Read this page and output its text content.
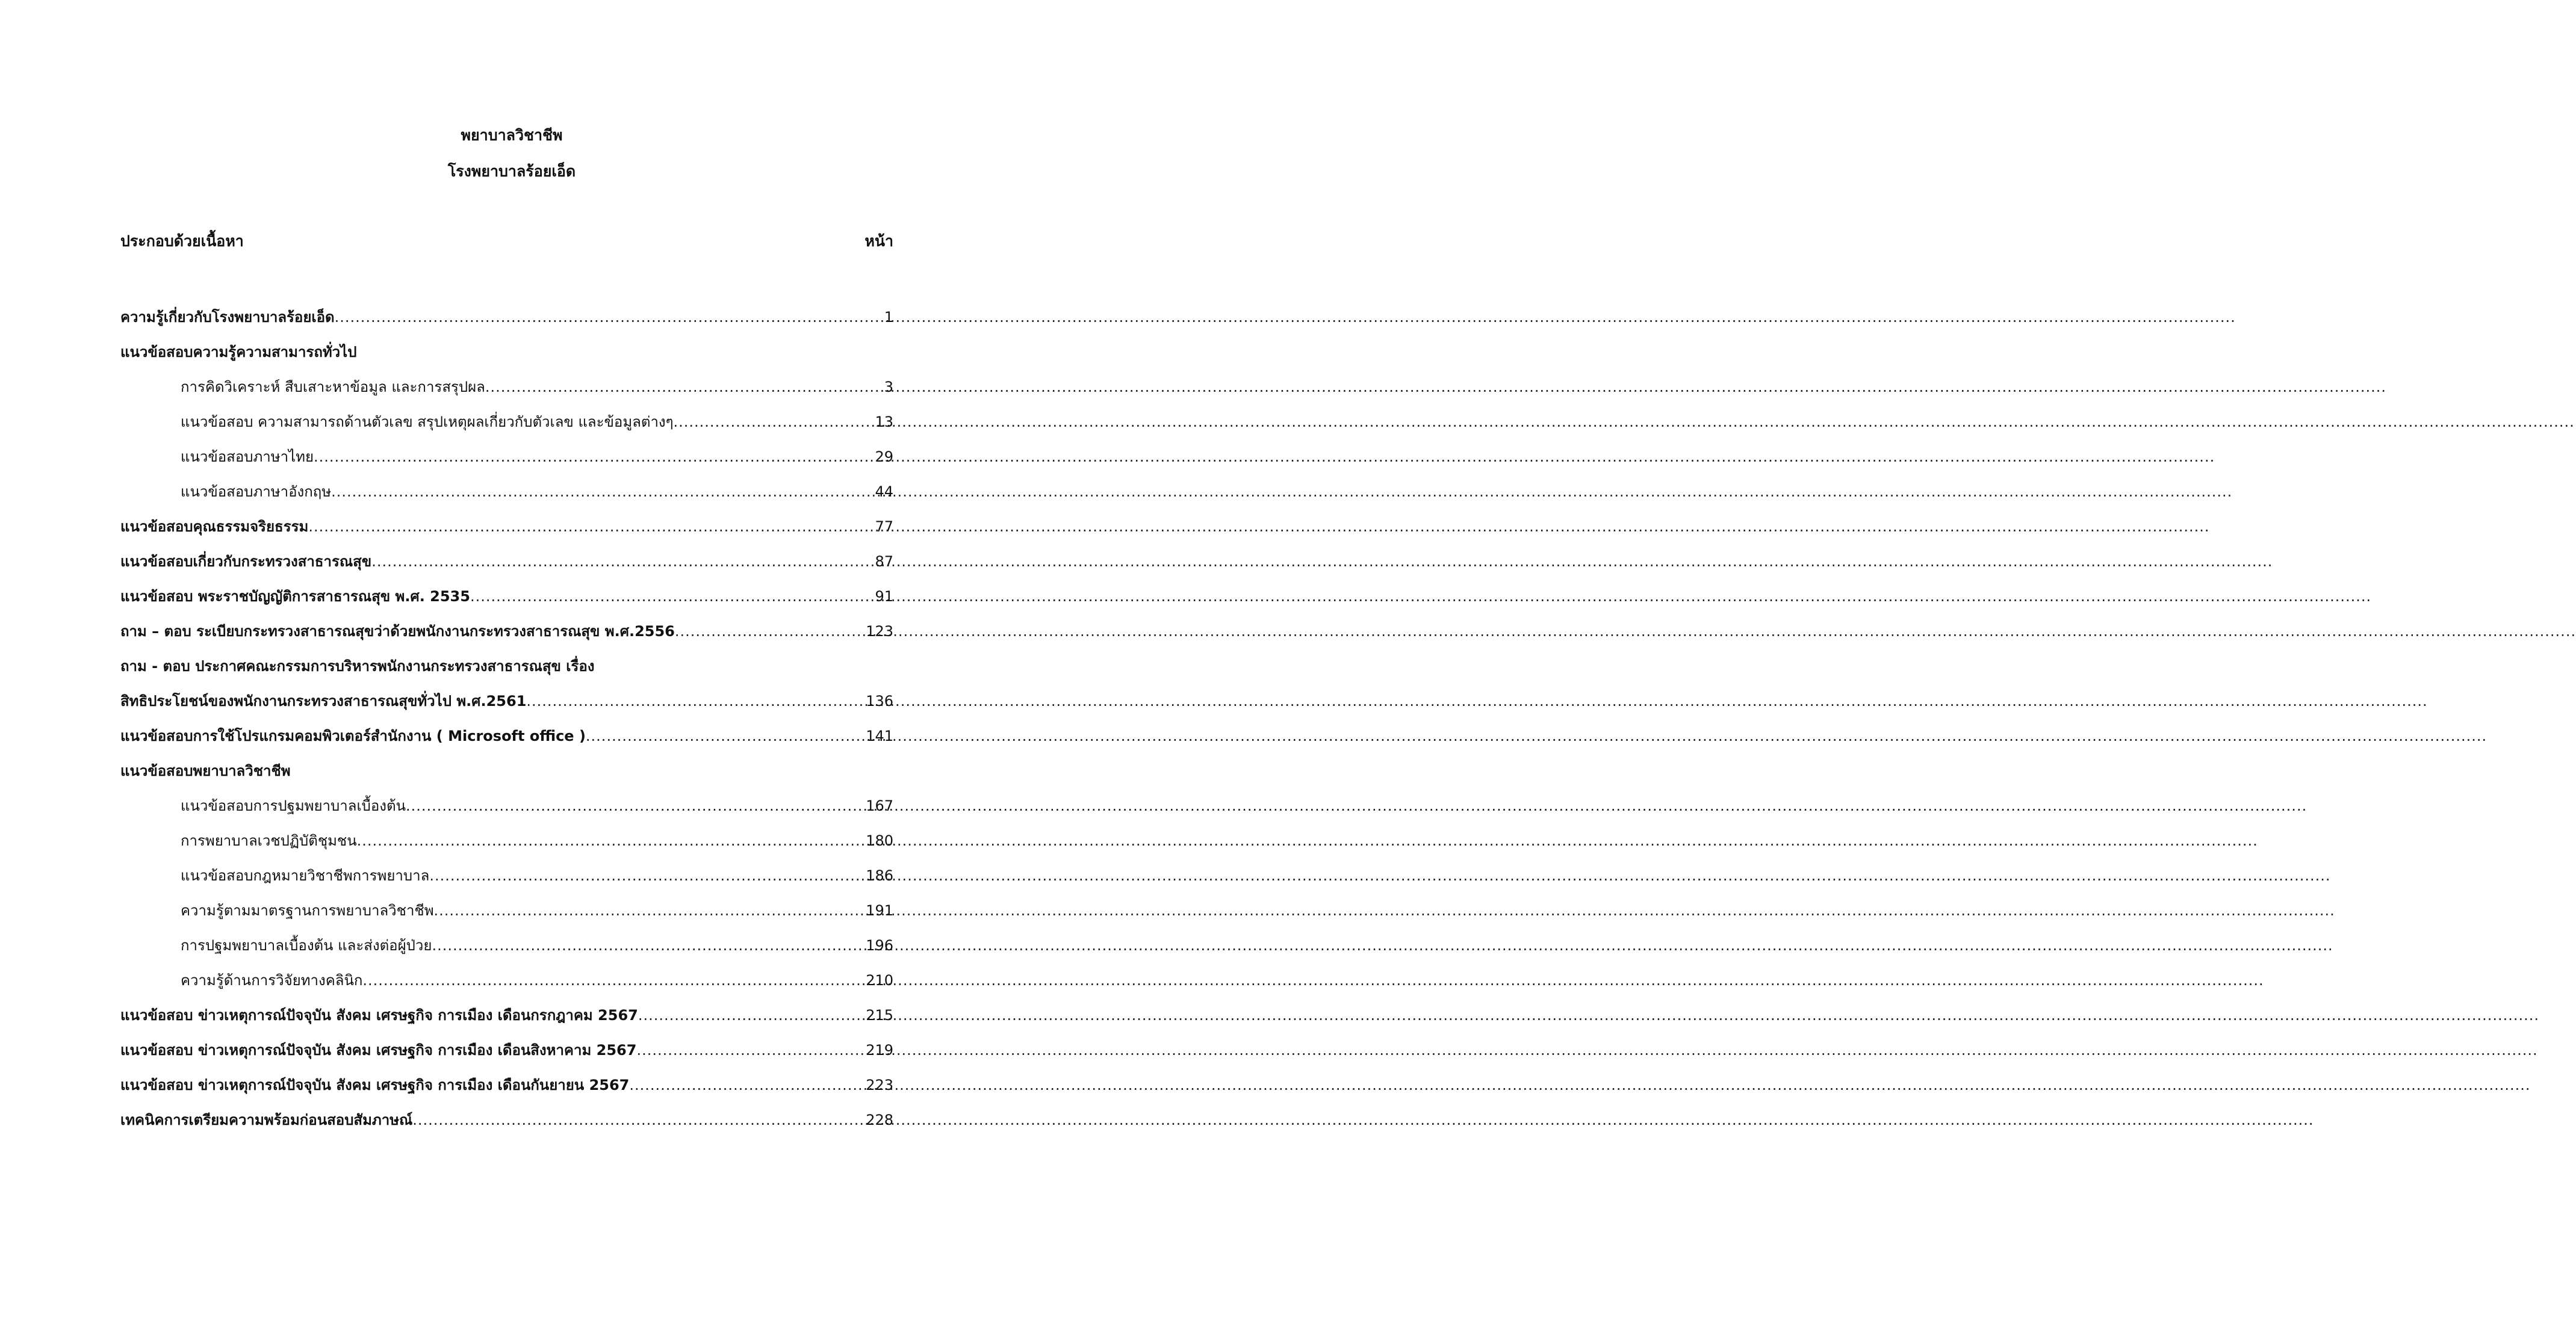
พยาบาลวิชาชีพ
โรงพยาบาลร้อยเอ็ด
ประกอบด้วยเนื้อหา	หน้า
ความรู้เกี่ยวกับโรงพยาบาลร้อยเอ็ด .....	1
แนวข้อสอบความรู้ความสามารถทั่วไป
การคิดวิเคราะห์ สืบเสาะหาข้อมูล และการสรุปผล .....	3
แนวข้อสอบ ความสามารถด้านตัวเลข สรุปเหตุผลเกี่ยวกับตัวเลข และข้อมูลต่างๆ .....	13
แนวข้อสอบภาษาไทย .....	29
แนวข้อสอบภาษาอังกฤษ .....	44
แนวข้อสอบคุณธรรมจริยธรรม .....	77
แนวข้อสอบเกี่ยวกับกระทรวงสาธารณสุข .....	87
แนวข้อสอบ พระราชบัญญัติการสาธารณสุข พ.ศ. 2535 .....	91
ถาม – ตอบ ระเบียบกระทรวงสาธารณสุขว่าด้วยพนักงานกระทรวงสาธารณสุข พ.ศ.2556 .....	123
ถาม - ตอบ ประกาศคณะกรรมการบริหารพนักงานกระทรวงสาธารณสุข เรื่อง
สิทธิประโยชน์ของพนักงานกระทรวงสาธารณสุขทั่วไป พ.ศ.2561 .....	136
แนวข้อสอบการใช้โปรแกรมคอมพิวเตอร์สำนักงาน ( Microsoft office ) .....	141
แนวข้อสอบพยาบาลวิชาชีพ
แนวข้อสอบการปฐมพยาบาลเบื้องต้น .....	167
การพยาบาลเวชปฏิบัติชุมชน .....	180
แนวข้อสอบกฎหมายวิชาชีพการพยาบาล .....	186
ความรู้ตามมาตรฐานการพยาบาลวิชาชีพ .....	191
การปฐมพยาบาลเบื้องต้น และส่งต่อผู้ป่วย .....	196
ความรู้ด้านการวิจัยทางคลินิก .....	210
แนวข้อสอบ ข่าวเหตุการณ์ปัจจุบัน สังคม เศรษฐกิจ การเมือง เดือนกรกฎาคม 2567 .....	215
แนวข้อสอบ ข่าวเหตุการณ์ปัจจุบัน สังคม เศรษฐกิจ การเมือง เดือนสิงหาคาม 2567 .....	219
แนวข้อสอบ ข่าวเหตุการณ์ปัจจุบัน สังคม เศรษฐกิจ การเมือง เดือนกันยายน 2567 .....	223
เทคนิคการเตรียมความพร้อมก่อนสอบสัมภาษณ์ .....	228
